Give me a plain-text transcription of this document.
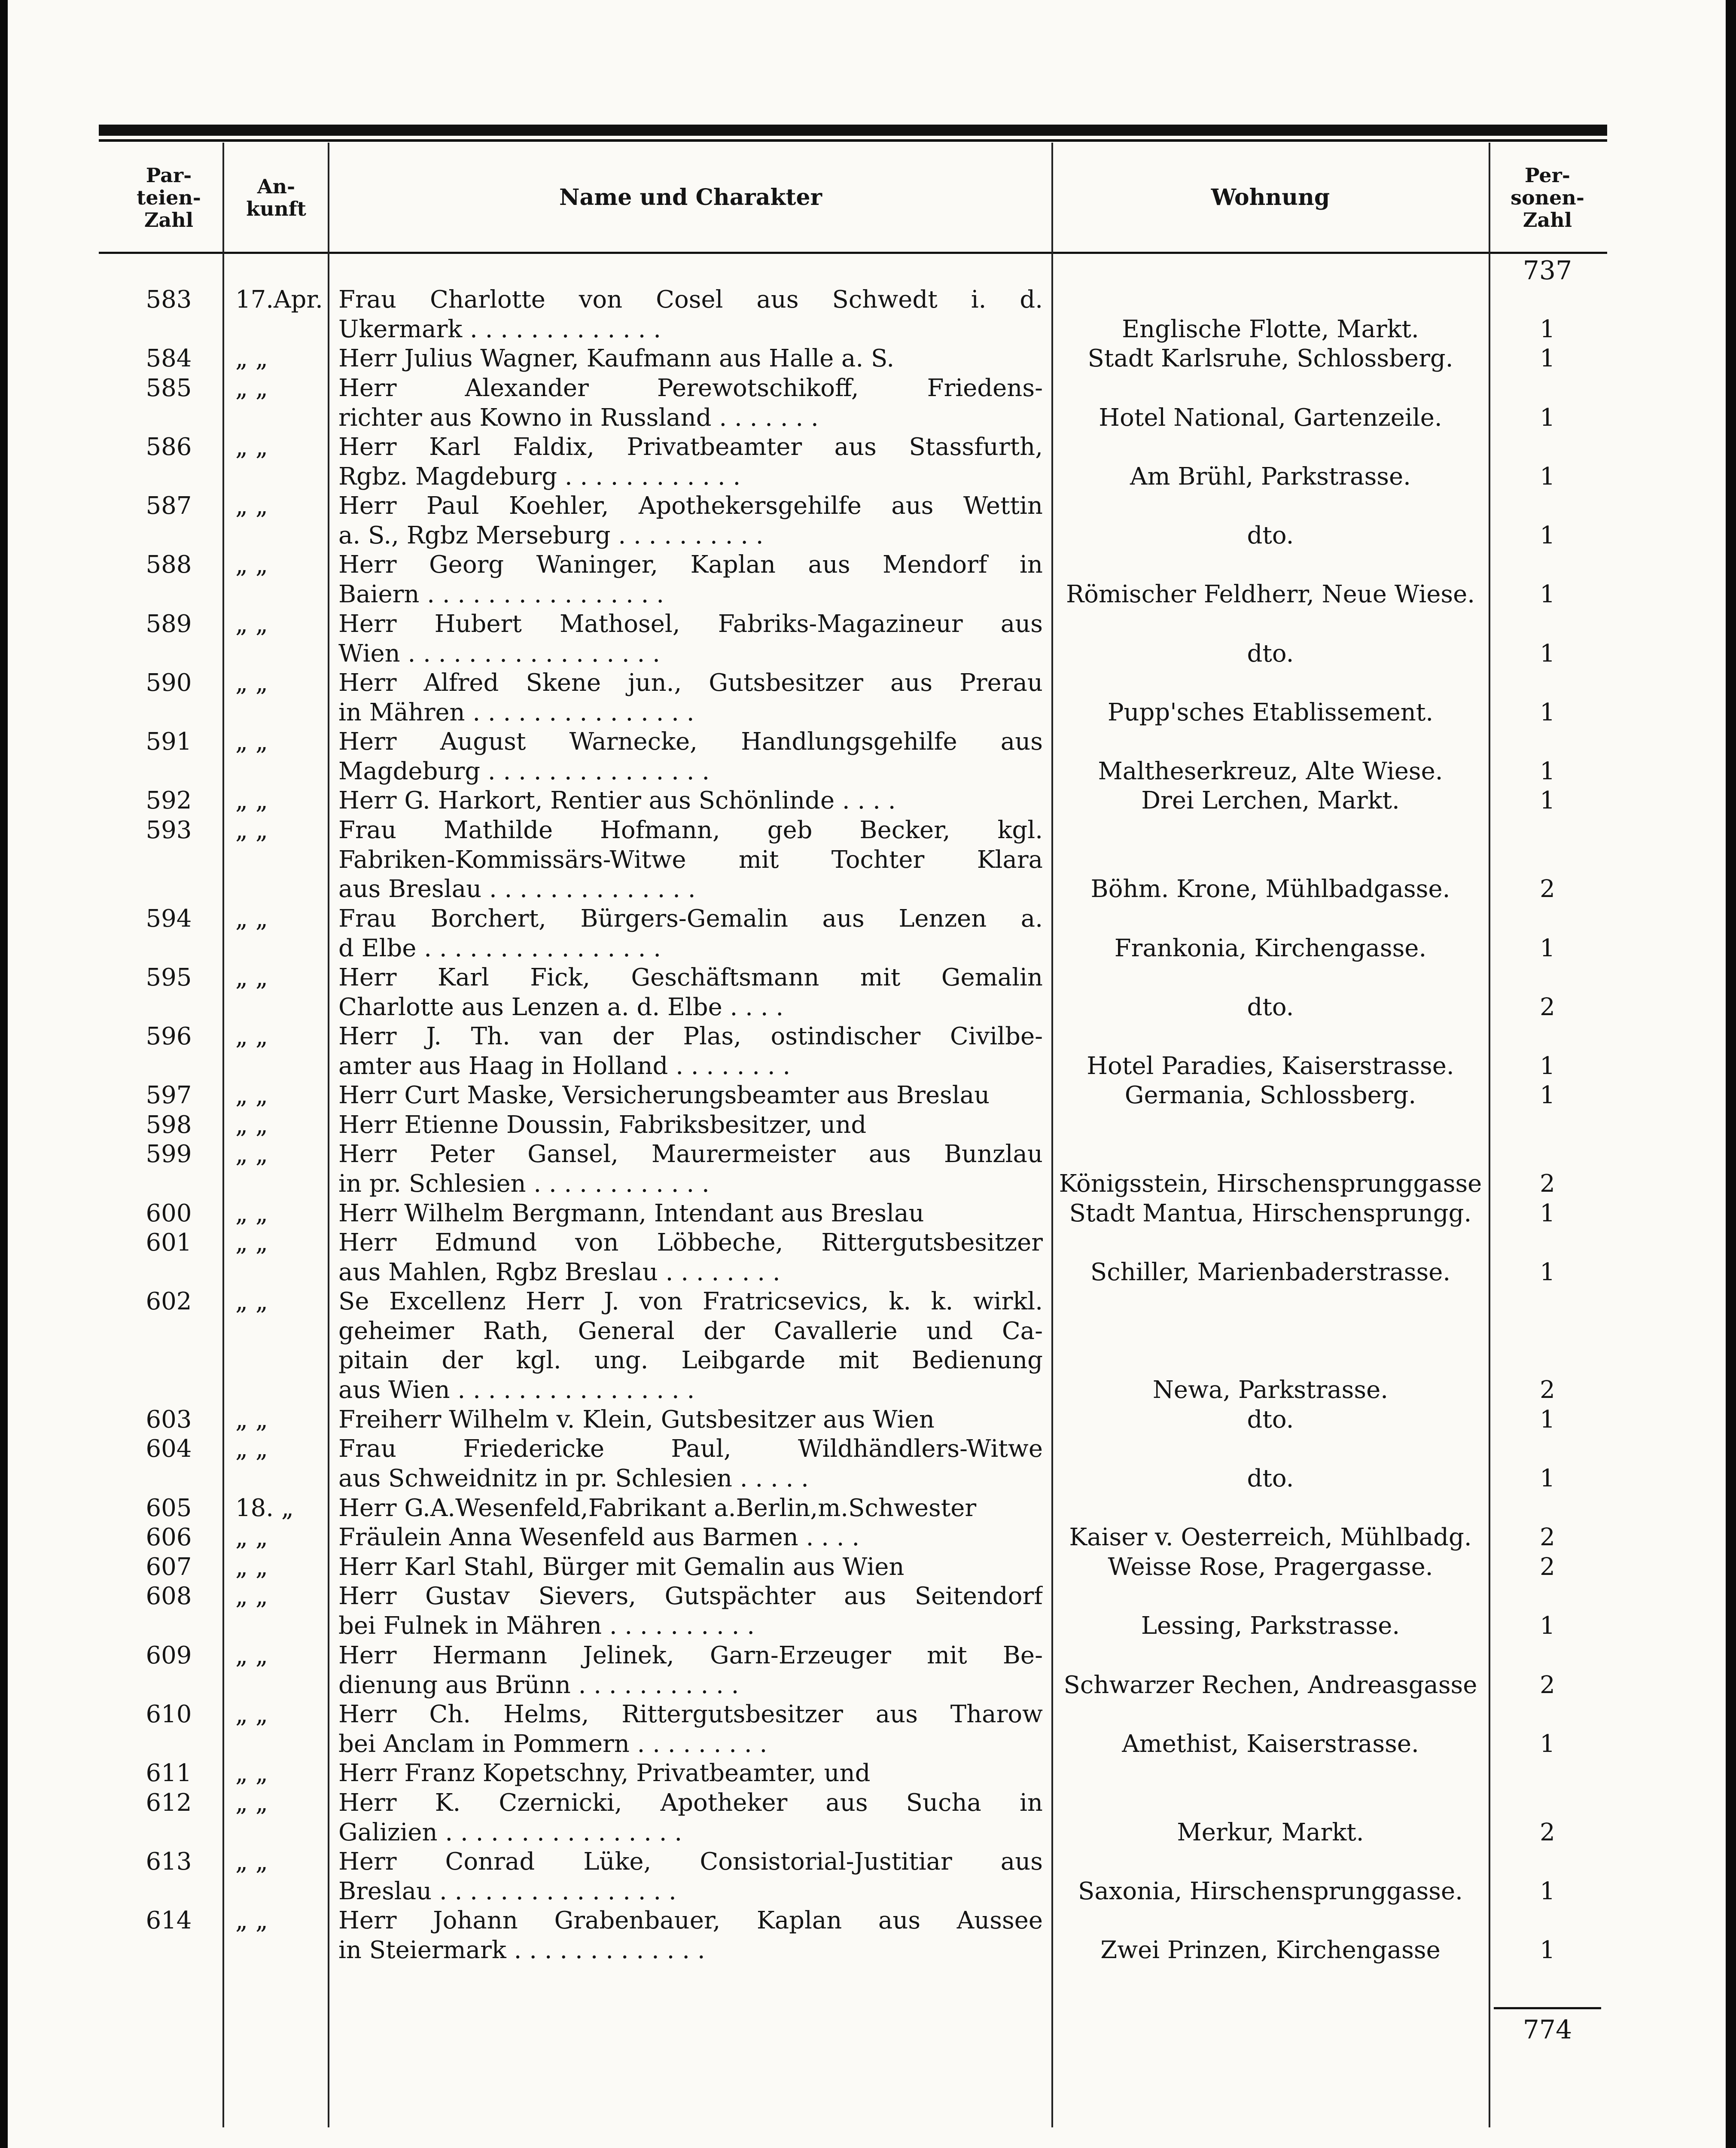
Par-
teien-
Zahl
An-
kunft	Name und Charakter	Wohnung
Per-
sonen-
Zahl
737
583	17.Apr. Frau Charlotte von Cosel aus Schwedt i. d.
Ukermark . . . . . . . . . . . . .	Englische Flotte, Markt.	1
584	„ „	Herr Julius Wagner, Kaufmann aus Halle a. S.	Stadt Karlsruhe, Schlossberg.	1
585	„ „	Herr Alexander Perewotschikoff, Friedens-
richter aus Kowno in Russland . . . . . . .	Hotel National, Gartenzeile.	1
586	„ „	Herr Karl Faldix, Privatbeamter aus Stassfurth,
Rgbz. Magdeburg . . . . . . . . . . . .	Am Brühl, Parkstrasse.	1
587	„ „	Herr Paul Koehler, Apothekersgehilfe aus Wettin
a. S., Rgbz Merseburg . . . . . . . . . .	dto.	1
588	„ „	Herr Georg Waninger, Kaplan aus Mendorf in
Baiern . . . . . . . . . . . . . . . .	Römischer Feldherr, Neue Wiese.	1
589	„ „	Herr Hubert Mathosel, Fabriks-Magazineur aus
Wien . . . . . . . . . . . . . . . . .	dto.	1
590	„ „	Herr Alfred Skene jun., Gutsbesitzer aus Prerau
in Mähren . . . . . . . . . . . . . . .	Pupp'sches Etablissement.	1
591	„ „	Herr August Warnecke, Handlungsgehilfe aus
Magdeburg . . . . . . . . . . . . . . .	Maltheserkreuz, Alte Wiese.	1
592	„ „	Herr G. Harkort, Rentier aus Schönlinde . . . .	Drei Lerchen, Markt.	1
593	„ „	Frau Mathilde Hofmann, geb Becker, kgl.
Fabriken-Kommissärs-Witwe mit Tochter Klara
aus Breslau . . . . . . . . . . . . . .	Böhm. Krone, Mühlbadgasse.	2
594	„ „	Frau Borchert, Bürgers-Gemalin aus Lenzen a.
d Elbe . . . . . . . . . . . . . . . .	Frankonia, Kirchengasse.	1
595	„ „	Herr Karl Fick, Geschäftsmann mit Gemalin
Charlotte aus Lenzen a. d. Elbe . . . .	dto.	2
596	„ „	Herr J. Th. van der Plas, ostindischer Civilbe-
amter aus Haag in Holland . . . . . . . .	Hotel Paradies, Kaiserstrasse.	1
597	„ „	Herr Curt Maske, Versicherungsbeamter aus Breslau	Germania, Schlossberg.	1
598	„ „	Herr Etienne Doussin, Fabriksbesitzer, und
599	„ „	Herr Peter Gansel, Maurermeister aus Bunzlau
in pr. Schlesien . . . . . . . . . . . .	Königsstein, Hirschensprunggasse	2
600	„ „	Herr Wilhelm Bergmann, Intendant aus Breslau	Stadt Mantua, Hirschensprungg.	1
601	„ „	Herr Edmund von Löbbeche, Rittergutsbesitzer
aus Mahlen, Rgbz Breslau . . . . . . . .	Schiller, Marienbaderstrasse.	1
602	„ „	Se Excellenz Herr J. von Fratricsevics, k. k. wirkl.
geheimer Rath, General der Cavallerie und Ca-
pitain der kgl. ung. Leibgarde mit Bedienung
aus Wien . . . . . . . . . . . . . . . .	Newa, Parkstrasse.	2
603	„ „	Freiherr Wilhelm v. Klein, Gutsbesitzer aus Wien	dto.	1
604	„ „	Frau Friedericke Paul, Wildhändlers-Witwe
aus Schweidnitz in pr. Schlesien . . . . .	dto.	1
605	18. „	Herr G.A.Wesenfeld,Fabrikant a.Berlin,m.Schwester
606	„ „	Fräulein Anna Wesenfeld aus Barmen . . . .	Kaiser v. Oesterreich, Mühlbadg.	2
607	„ „	Herr Karl Stahl, Bürger mit Gemalin aus Wien	Weisse Rose, Pragergasse.	2
608	„ „	Herr Gustav Sievers, Gutspächter aus Seitendorf
bei Fulnek in Mähren . . . . . . . . . .	Lessing, Parkstrasse.	1
609	„ „	Herr Hermann Jelinek, Garn-Erzeuger mit Be-
dienung aus Brünn . . . . . . . . . . .	Schwarzer Rechen, Andreasgasse	2
610	„ „	Herr Ch. Helms, Rittergutsbesitzer aus Tharow
bei Anclam in Pommern . . . . . . . . .	Amethist, Kaiserstrasse.	1
611	„ „	Herr Franz Kopetschny, Privatbeamter, und
612	„ „	Herr K. Czernicki, Apotheker aus Sucha in
Galizien . . . . . . . . . . . . . . . .	Merkur, Markt.	2
613	„ „	Herr Conrad Lüke, Consistorial-Justitiar aus
Breslau . . . . . . . . . . . . . . . .	Saxonia, Hirschensprunggasse.	1
614	„ „	Herr Johann Grabenbauer, Kaplan aus Aussee
in Steiermark . . . . . . . . . . . . .	Zwei Prinzen, Kirchengasse	1
774
